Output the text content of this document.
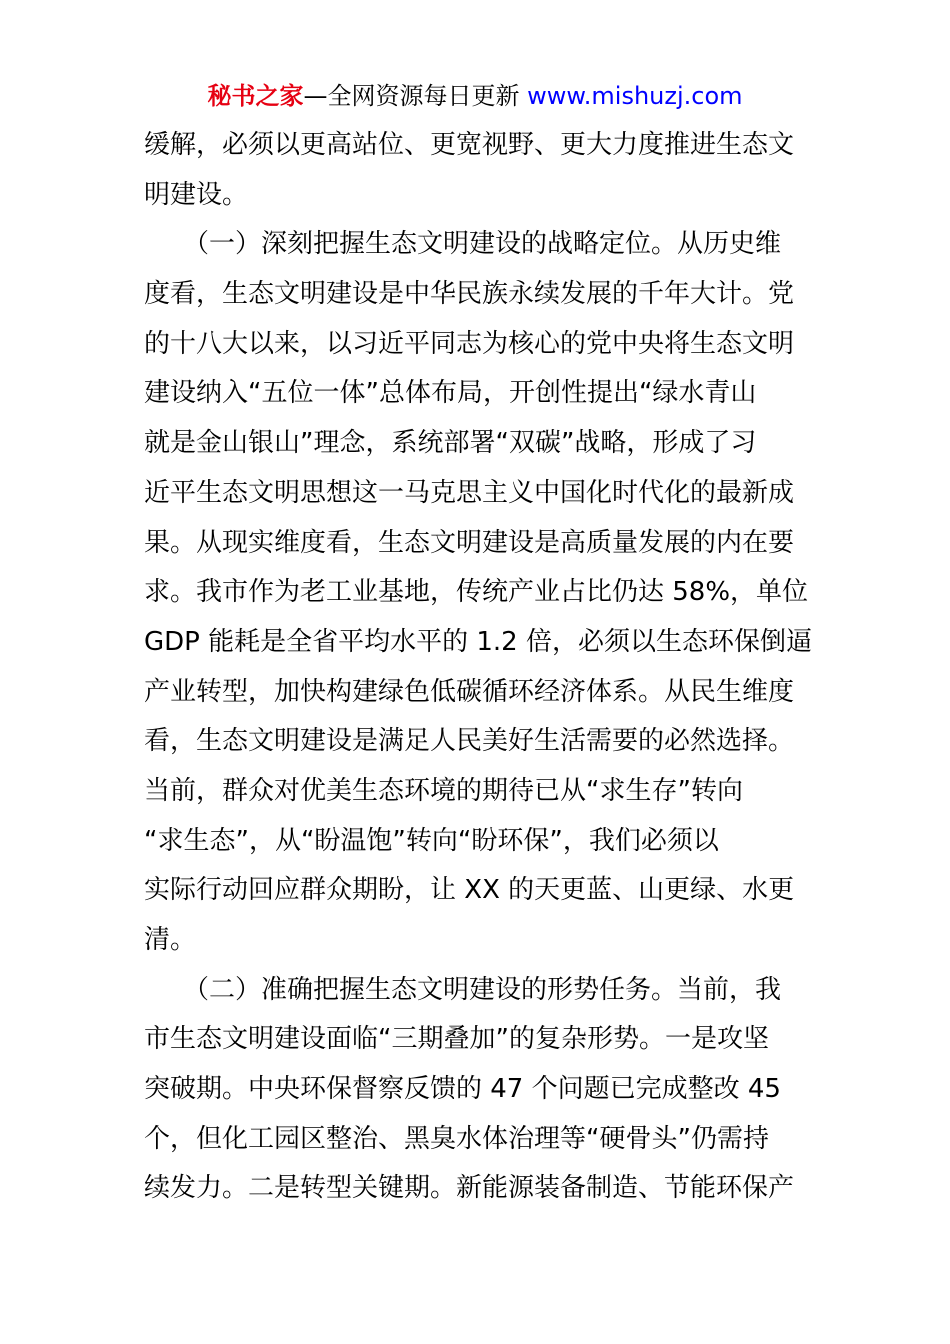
秘书之家—全网资源每日更新 www.mishuzj.com
缓解，必须以更高站位、更宽视野、更大力度推进生态文
明建设。
　　（一）深刻把握生态文明建设的战略定位。从历史维
度看，生态文明建设是中华民族永续发展的千年大计。党
的十八大以来，以习近平同志为核心的党中央将生态文明
建设纳入“五位一体”总体布局，开创性提出“绿水青山
就是金山银山”理念，系统部署“双碳”战略，形成了习
近平生态文明思想这一马克思主义中国化时代化的最新成
果。从现实维度看，生态文明建设是高质量发展的内在要
求。我市作为老工业基地，传统产业占比仍达 58%，单位
GDP 能耗是全省平均水平的 1.2 倍，必须以生态环保倒逼
产业转型，加快构建绿色低碳循环经济体系。从民生维度
看，生态文明建设是满足人民美好生活需要的必然选择。
当前，群众对优美生态环境的期待已从“求生存”转向
“求生态”，从“盼温饱”转向“盼环保”，我们必须以
实际行动回应群众期盼，让 XX 的天更蓝、山更绿、水更
清。
　　（二）准确把握生态文明建设的形势任务。当前，我
市生态文明建设面临“三期叠加”的复杂形势。一是攻坚
突破期。中央环保督察反馈的 47 个问题已完成整改 45
个，但化工园区整治、黑臭水体治理等“硬骨头”仍需持
续发力。二是转型关键期。新能源装备制造、节能环保产
